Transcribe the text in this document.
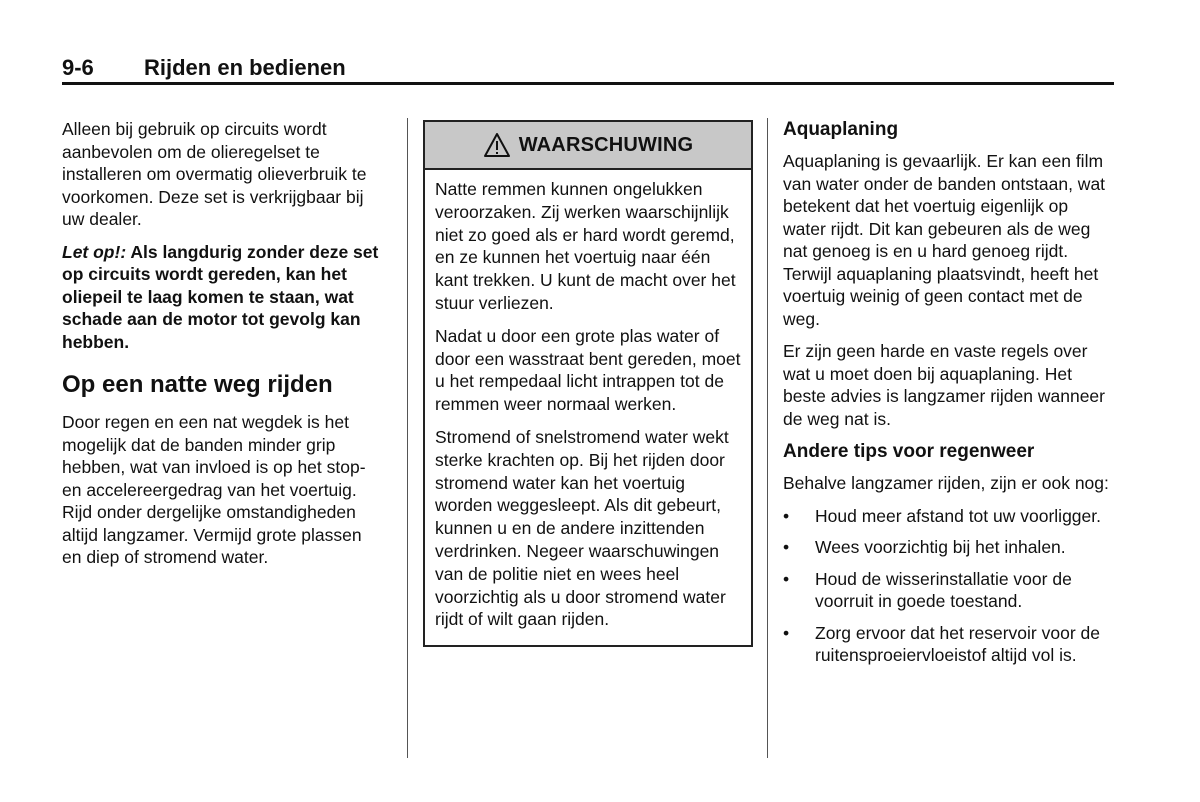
9-6 Rijden en bedienen

Alleen bij gebruik op circuits wordt aanbevolen om de olieregelset te installeren om overmatig olieverbruik te voorkomen. Deze set is verkrijgbaar bij uw dealer.

Let op!: Als langdurig zonder deze set op circuits wordt gereden, kan het oliepeil te laag komen te staan, wat schade aan de motor tot gevolg kan hebben.

Op een natte weg rijden

Door regen en een nat wegdek is het mogelijk dat de banden minder grip hebben, wat van invloed is op het stop- en accelereergedrag van het voertuig. Rijd onder dergelijke omstandigheden altijd langzamer. Vermijd grote plassen en diep of stromend water.

WAARSCHUWING

Natte remmen kunnen ongelukken veroorzaken. Zij werken waarschijnlijk niet zo goed als er hard wordt geremd, en ze kunnen het voertuig naar één kant trekken. U kunt de macht over het stuur verliezen.

Nadat u door een grote plas water of door een wasstraat bent gereden, moet u het rempedaal licht intrappen tot de remmen weer normaal werken.

Stromend of snelstromend water wekt sterke krachten op. Bij het rijden door stromend water kan het voertuig worden weggesleept. Als dit gebeurt, kunnen u en de andere inzittenden verdrinken. Negeer waarschuwingen van de politie niet en wees heel voorzichtig als u door stromend water rijdt of wilt gaan rijden.

Aquaplaning

Aquaplaning is gevaarlijk. Er kan een film van water onder de banden ontstaan, wat betekent dat het voertuig eigenlijk op water rijdt. Dit kan gebeuren als de weg nat genoeg is en u hard genoeg rijdt. Terwijl aquaplaning plaatsvindt, heeft het voertuig weinig of geen contact met de weg.

Er zijn geen harde en vaste regels over wat u moet doen bij aquaplaning. Het beste advies is langzamer rijden wanneer de weg nat is.

Andere tips voor regenweer

Behalve langzamer rijden, zijn er ook nog:

• Houd meer afstand tot uw voorligger.
• Wees voorzichtig bij het inhalen.
• Houd de wisserinstallatie voor de voorruit in goede toestand.
• Zorg ervoor dat het reservoir voor de ruitensproeiervloeistof altijd vol is.
